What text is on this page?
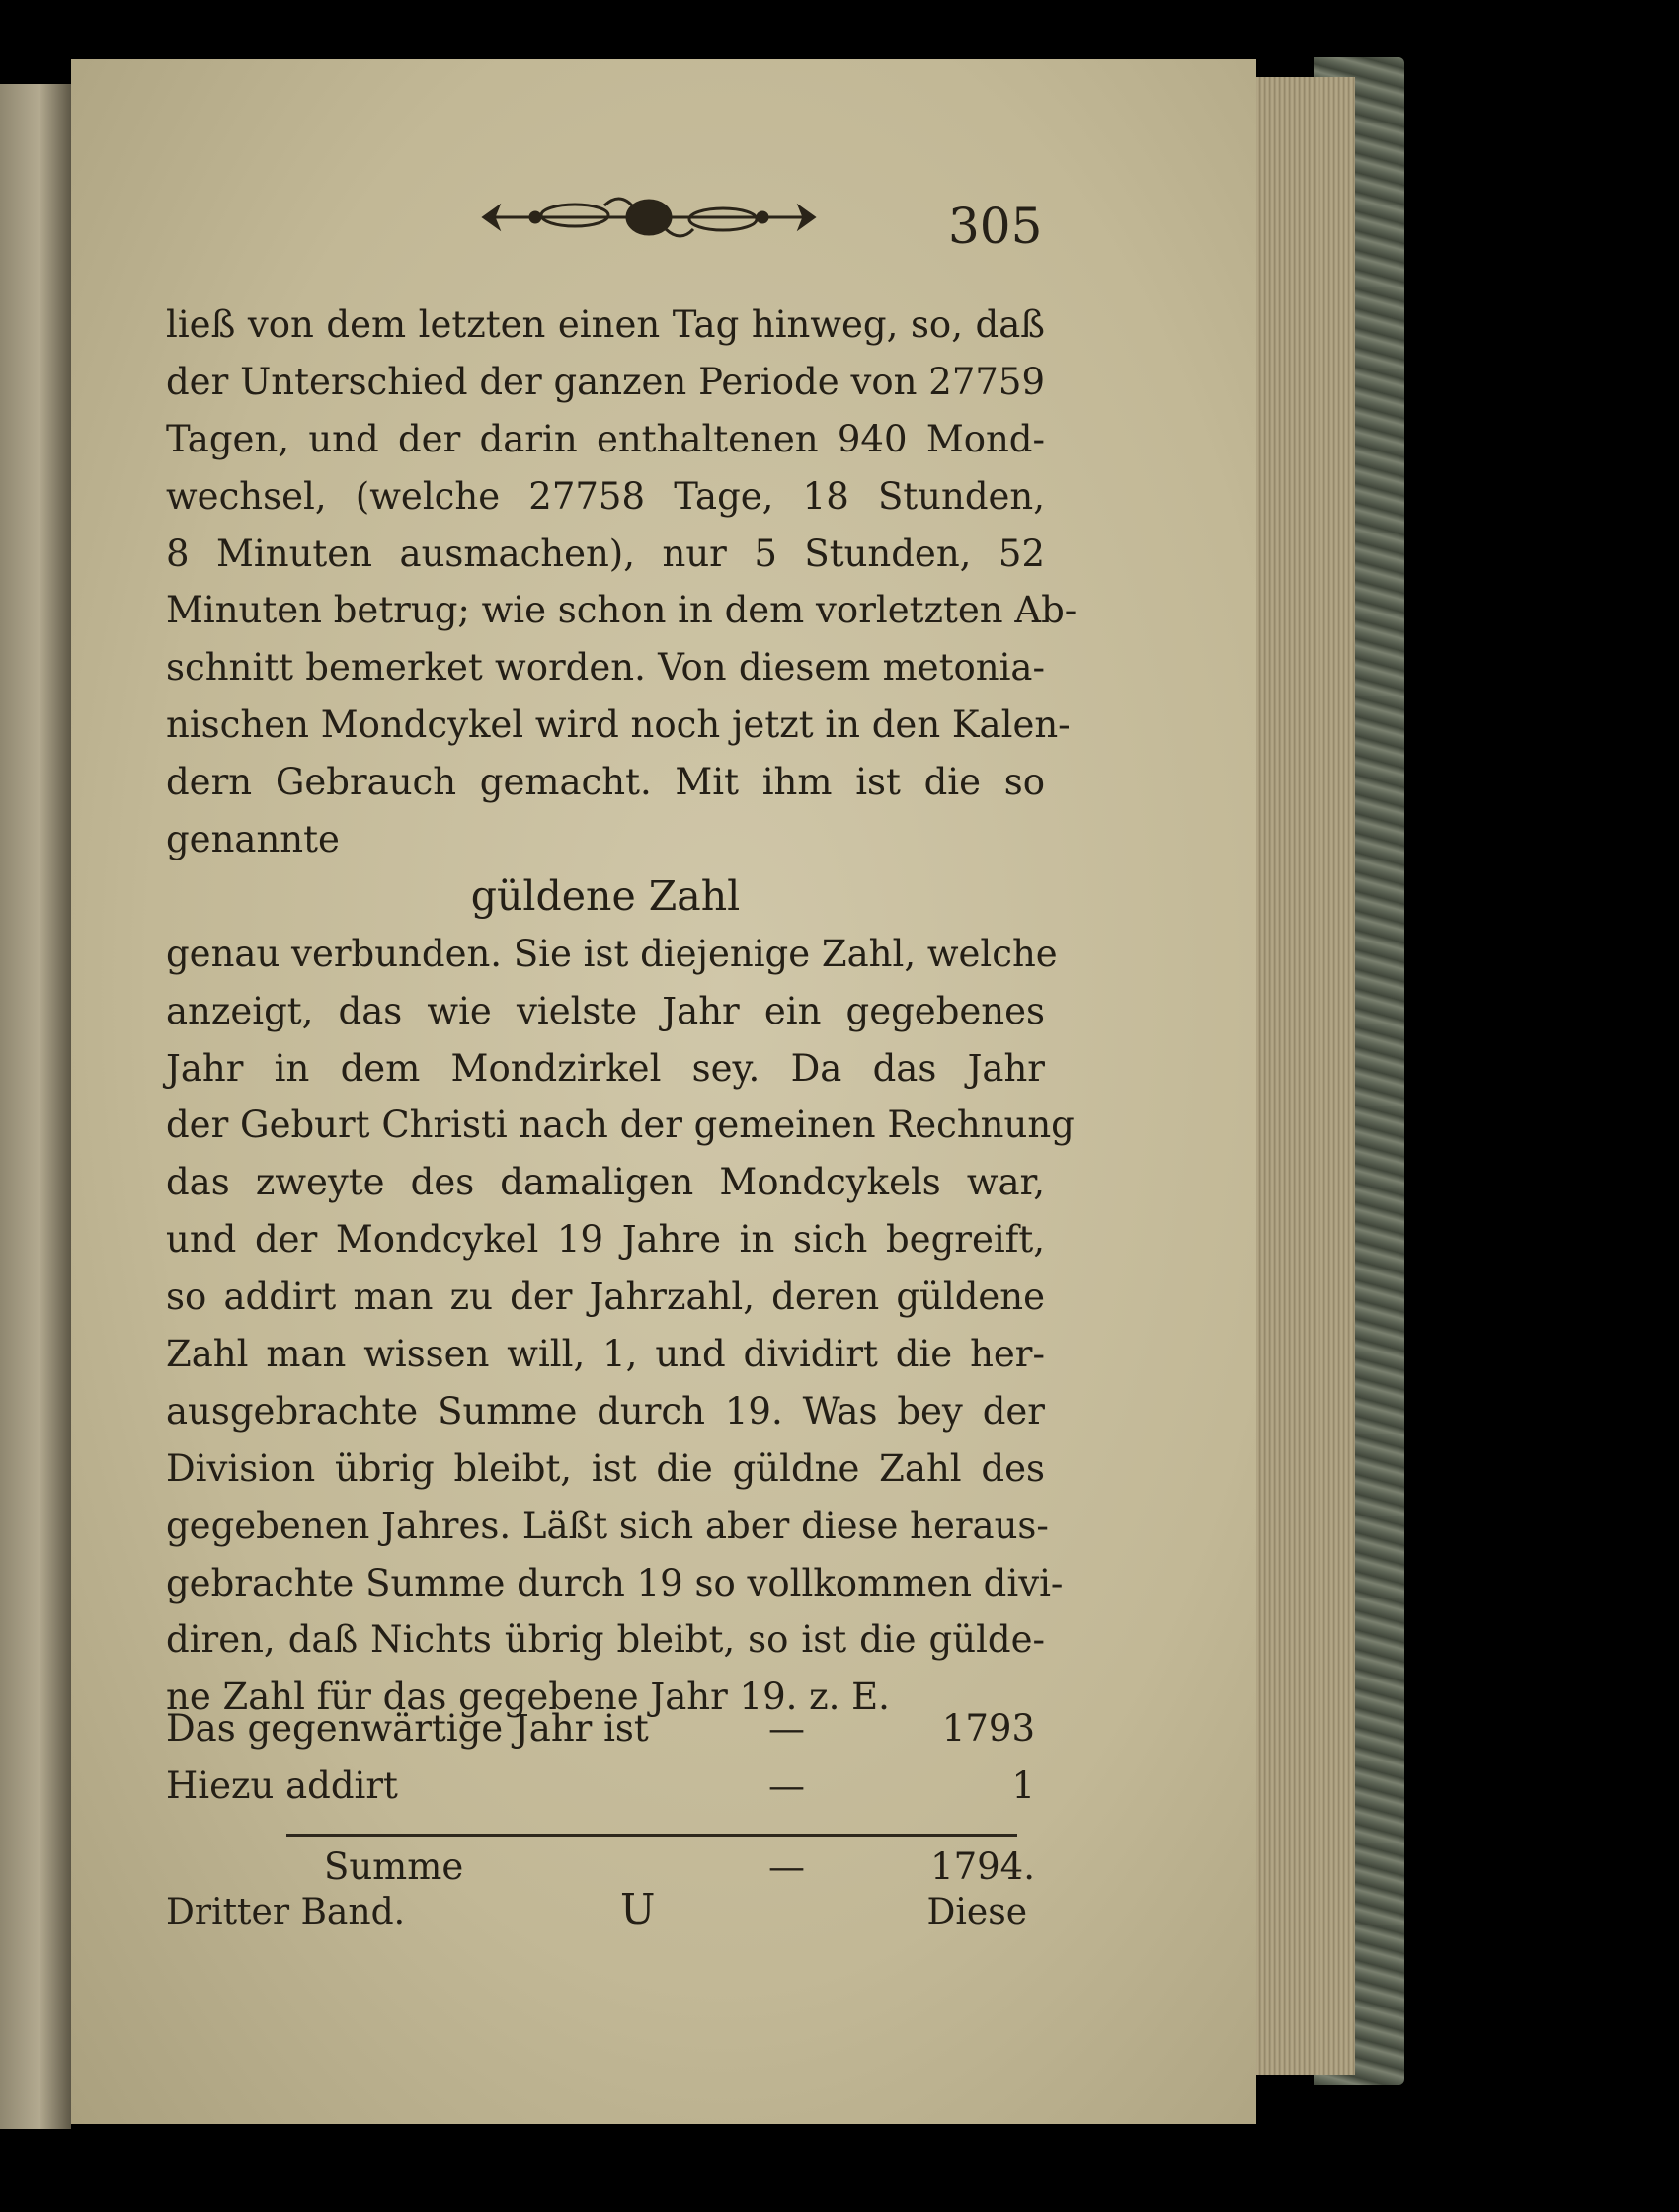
305

ließ von dem letzten einen Tag hinweg, so, daß
der Unterschied der ganzen Periode von 27759
Tagen, und der darin enthaltenen 940 Mond-
wechsel, (welche 27758 Tage, 18 Stunden,
8 Minuten ausmachen), nur 5 Stunden, 52
Minuten betrug; wie schon in dem vorletzten Ab-
schnitt bemerket worden. Von diesem metonia-
nischen Mondcykel wird noch jetzt in den Kalen-
dern Gebrauch gemacht. Mit ihm ist die so
genannte
güldene Zahl
genau verbunden. Sie ist diejenige Zahl, welche
anzeigt, das wie vielste Jahr ein gegebenes
Jahr in dem Mondzirkel sey. Da das Jahr
der Geburt Christi nach der gemeinen Rechnung
das zweyte des damaligen Mondcykels war,
und der Mondcykel 19 Jahre in sich begreift,
so addirt man zu der Jahrzahl, deren güldene
Zahl man wissen will, 1, und dividirt die her-
ausgebrachte Summe durch 19. Was bey der
Division übrig bleibt, ist die güldne Zahl des
gegebenen Jahres. Läßt sich aber diese heraus-
gebrachte Summe durch 19 so vollkommen divi-
diren, daß Nichts übrig bleibt, so ist die gülde-
ne Zahl für das gegebene Jahr 19. z. E.
Das gegenwärtige Jahr ist	—	1793
Hiezu addirt	—	1
Summe	—	1794.
Dritter Band.	U	Diese
